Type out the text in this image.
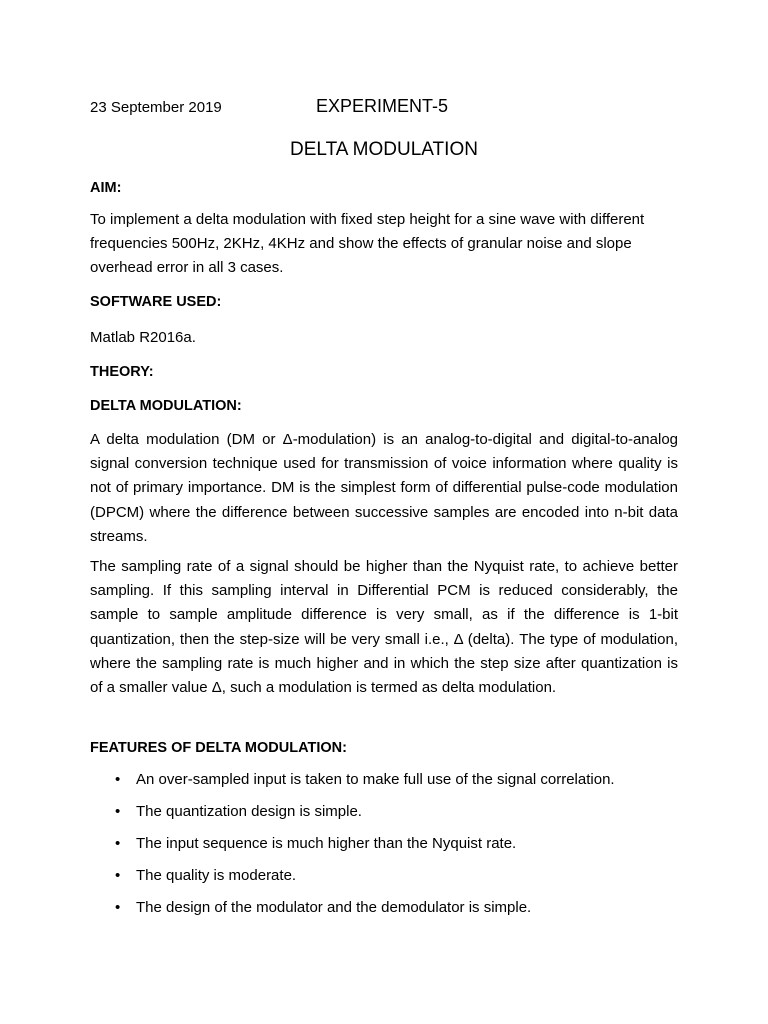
23 September 2019	EXPERIMENT-5
DELTA MODULATION
AIM:
To implement a delta modulation with fixed step height for a sine wave with different frequencies 500Hz, 2KHz, 4KHz and show the effects of granular noise and slope overhead error in all 3 cases.
SOFTWARE USED:
Matlab R2016a.
THEORY:
DELTA MODULATION:
A delta modulation (DM or Δ-modulation) is an analog-to-digital and digital-to-analog signal conversion technique used for transmission of voice information where quality is not of primary importance. DM is the simplest form of differential pulse-code modulation (DPCM) where the difference between successive samples are encoded into n-bit data streams.
The sampling rate of a signal should be higher than the Nyquist rate, to achieve better sampling. If this sampling interval in Differential PCM is reduced considerably, the sample to sample amplitude difference is very small, as if the difference is 1-bit quantization, then the step-size will be very small i.e., Δ (delta). The type of modulation, where the sampling rate is much higher and in which the step size after quantization is of a smaller value Δ, such a modulation is termed as delta modulation.
FEATURES OF DELTA MODULATION:
• An over-sampled input is taken to make full use of the signal correlation.
• The quantization design is simple.
• The input sequence is much higher than the Nyquist rate.
• The quality is moderate.
• The design of the modulator and the demodulator is simple.
